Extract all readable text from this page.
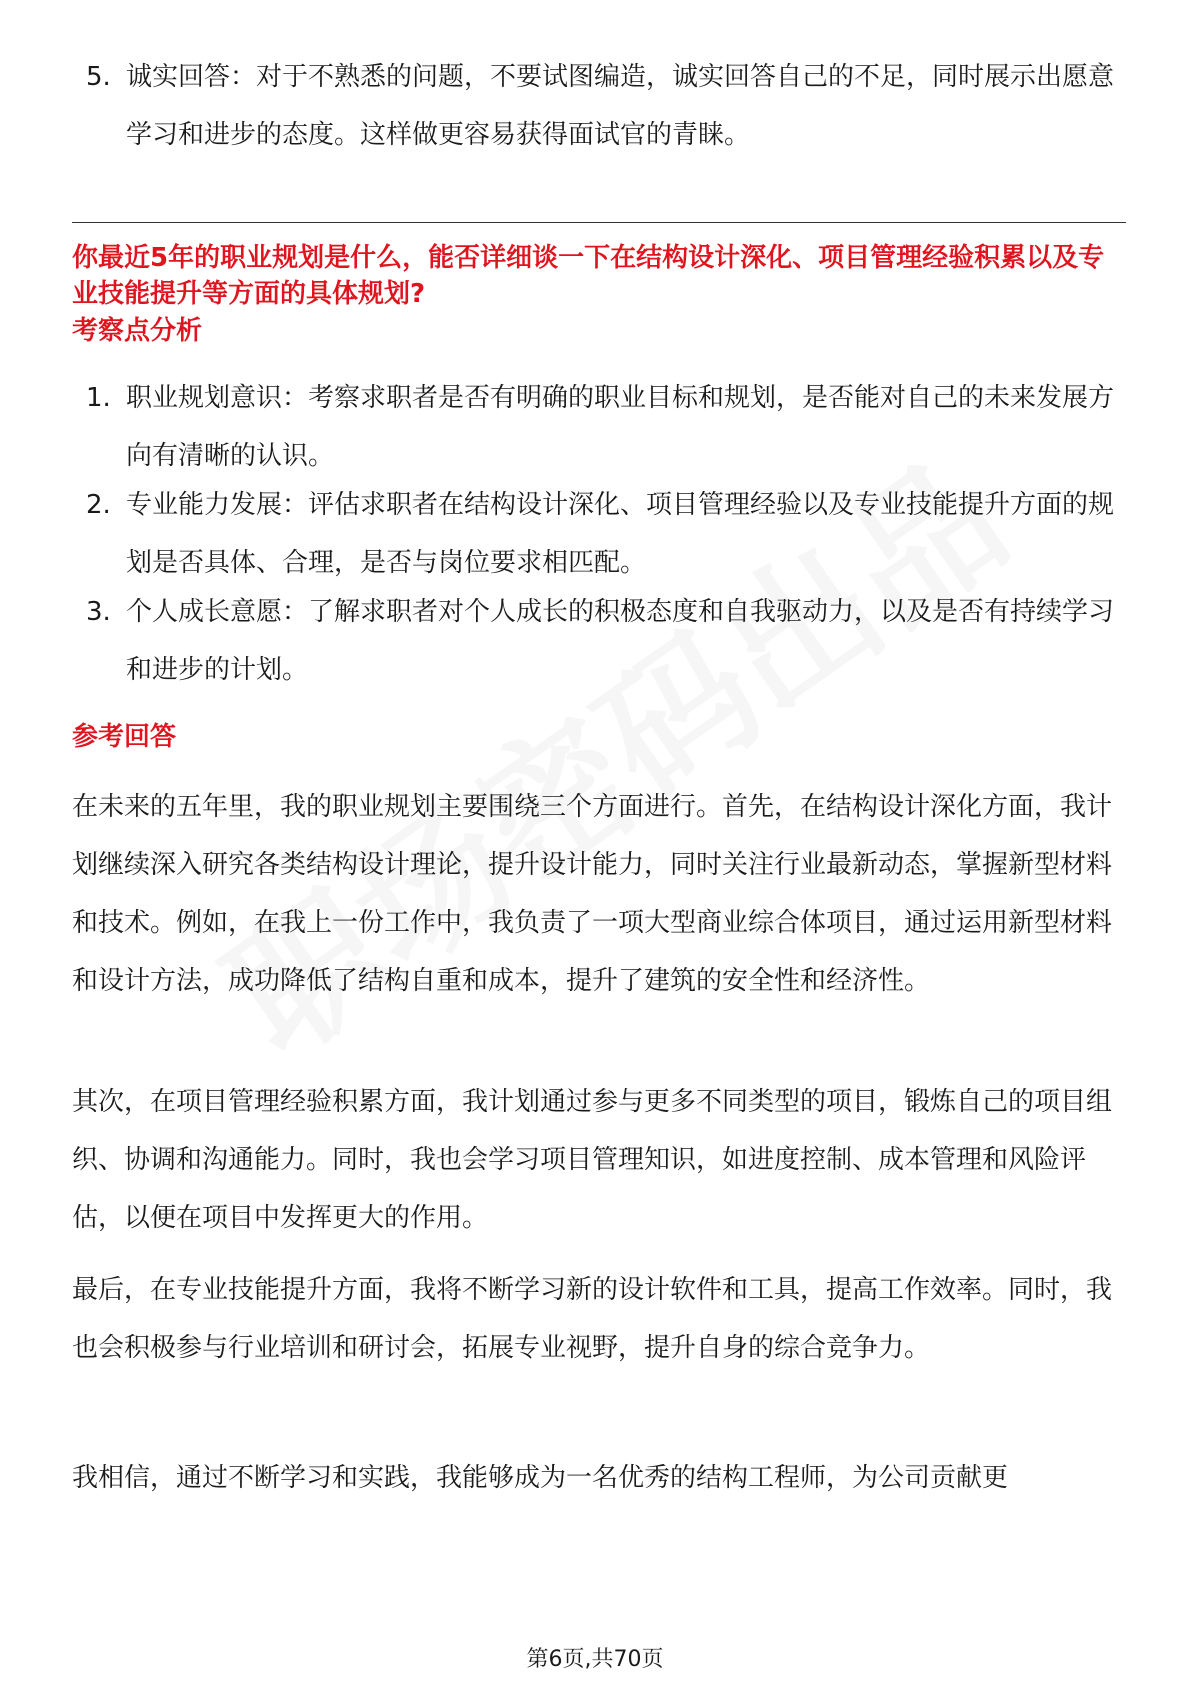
5. 诚实回答：对于不熟悉的问题，不要试图编造，诚实回答自己的不足，同时展示出愿意学习和进步的态度。这样做更容易获得面试官的青睐。
你最近5年的职业规划是什么，能否详细谈一下在结构设计深化、项目管理经验积累以及专业技能提升等方面的具体规划?
考察点分析
1. 职业规划意识：考察求职者是否有明确的职业目标和规划，是否能对自己的未来发展方向有清晰的认识。
2. 专业能力发展：评估求职者在结构设计深化、项目管理经验以及专业技能提升方面的规划是否具体、合理，是否与岗位要求相匹配。
3. 个人成长意愿：了解求职者对个人成长的积极态度和自我驱动力，以及是否有持续学习和进步的计划。
参考回答
在未来的五年里，我的职业规划主要围绕三个方面进行。首先，在结构设计深化方面，我计划继续深入研究各类结构设计理论，提升设计能力，同时关注行业最新动态，掌握新型材料和技术。例如，在我上一份工作中，我负责了一项大型商业综合体项目，通过运用新型材料和设计方法，成功降低了结构自重和成本，提升了建筑的安全性和经济性。
其次，在项目管理经验积累方面，我计划通过参与更多不同类型的项目，锻炼自己的项目组织、协调和沟通能力。同时，我也会学习项目管理知识，如进度控制、成本管理和风险评估，以便在项目中发挥更大的作用。
最后，在专业技能提升方面，我将不断学习新的设计软件和工具，提高工作效率。同时，我也会积极参与行业培训和研讨会，拓展专业视野，提升自身的综合竞争力。
我相信，通过不断学习和实践，我能够成为一名优秀的结构工程师，为公司贡献更
第6页,共70页
